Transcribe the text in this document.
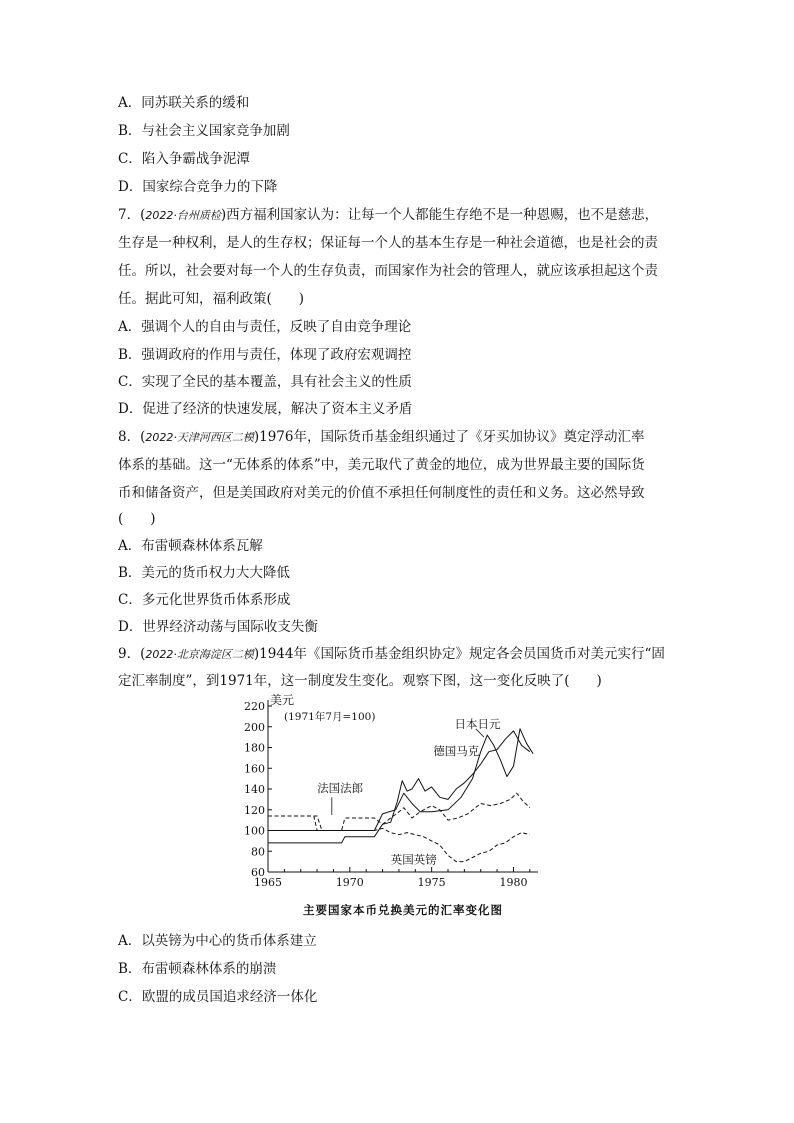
A．同苏联关系的缓和
B．与社会主义国家竞争加剧
C．陷入争霸战争泥潭
D．国家综合竞争力的下降
7．(2022·台州质检)西方福利国家认为：让每一个人都能生存绝不是一种恩赐，也不是慈悲，
生存是一种权利，是人的生存权；保证每一个人的基本生存是一种社会道德，也是社会的责
任。所以，社会要对每一个人的生存负责，而国家作为社会的管理人，就应该承担起这个责
任。据此可知，福利政策(　　)
A．强调个人的自由与责任，反映了自由竞争理论
B．强调政府的作用与责任，体现了政府宏观调控
C．实现了全民的基本覆盖，具有社会主义的性质
D．促进了经济的快速发展，解决了资本主义矛盾
8．(2022·天津河西区二模)1976年，国际货币基金组织通过了《牙买加协议》奠定浮动汇率
体系的基础。这一“无体系的体系”中，美元取代了黄金的地位，成为世界最主要的国际货
币和储备资产，但是美国政府对美元的价值不承担任何制度性的责任和义务。这必然导致
(　　)
A．布雷顿森林体系瓦解
B．美元的货币权力大大降低
C．多元化世界货币体系形成
D．世界经济动荡与国际收支失衡
9．(2022·北京海淀区二模)1944年《国际货币基金组织协定》规定各会员国货币对美元实行“固
定汇率制度”，到1971年，这一制度发生变化。观察下图，这一变化反映了(　　)
60
80
100
120
140
160
180
200
220
1965	1970	1975	1980
美元
(1971年7月=100)	日本日元
德国马克
法国法郎
英国英镑
主要国家本币兑换美元的汇率变化图
A．以英镑为中心的货币体系建立
B．布雷顿森林体系的崩溃
C．欧盟的成员国追求经济一体化
